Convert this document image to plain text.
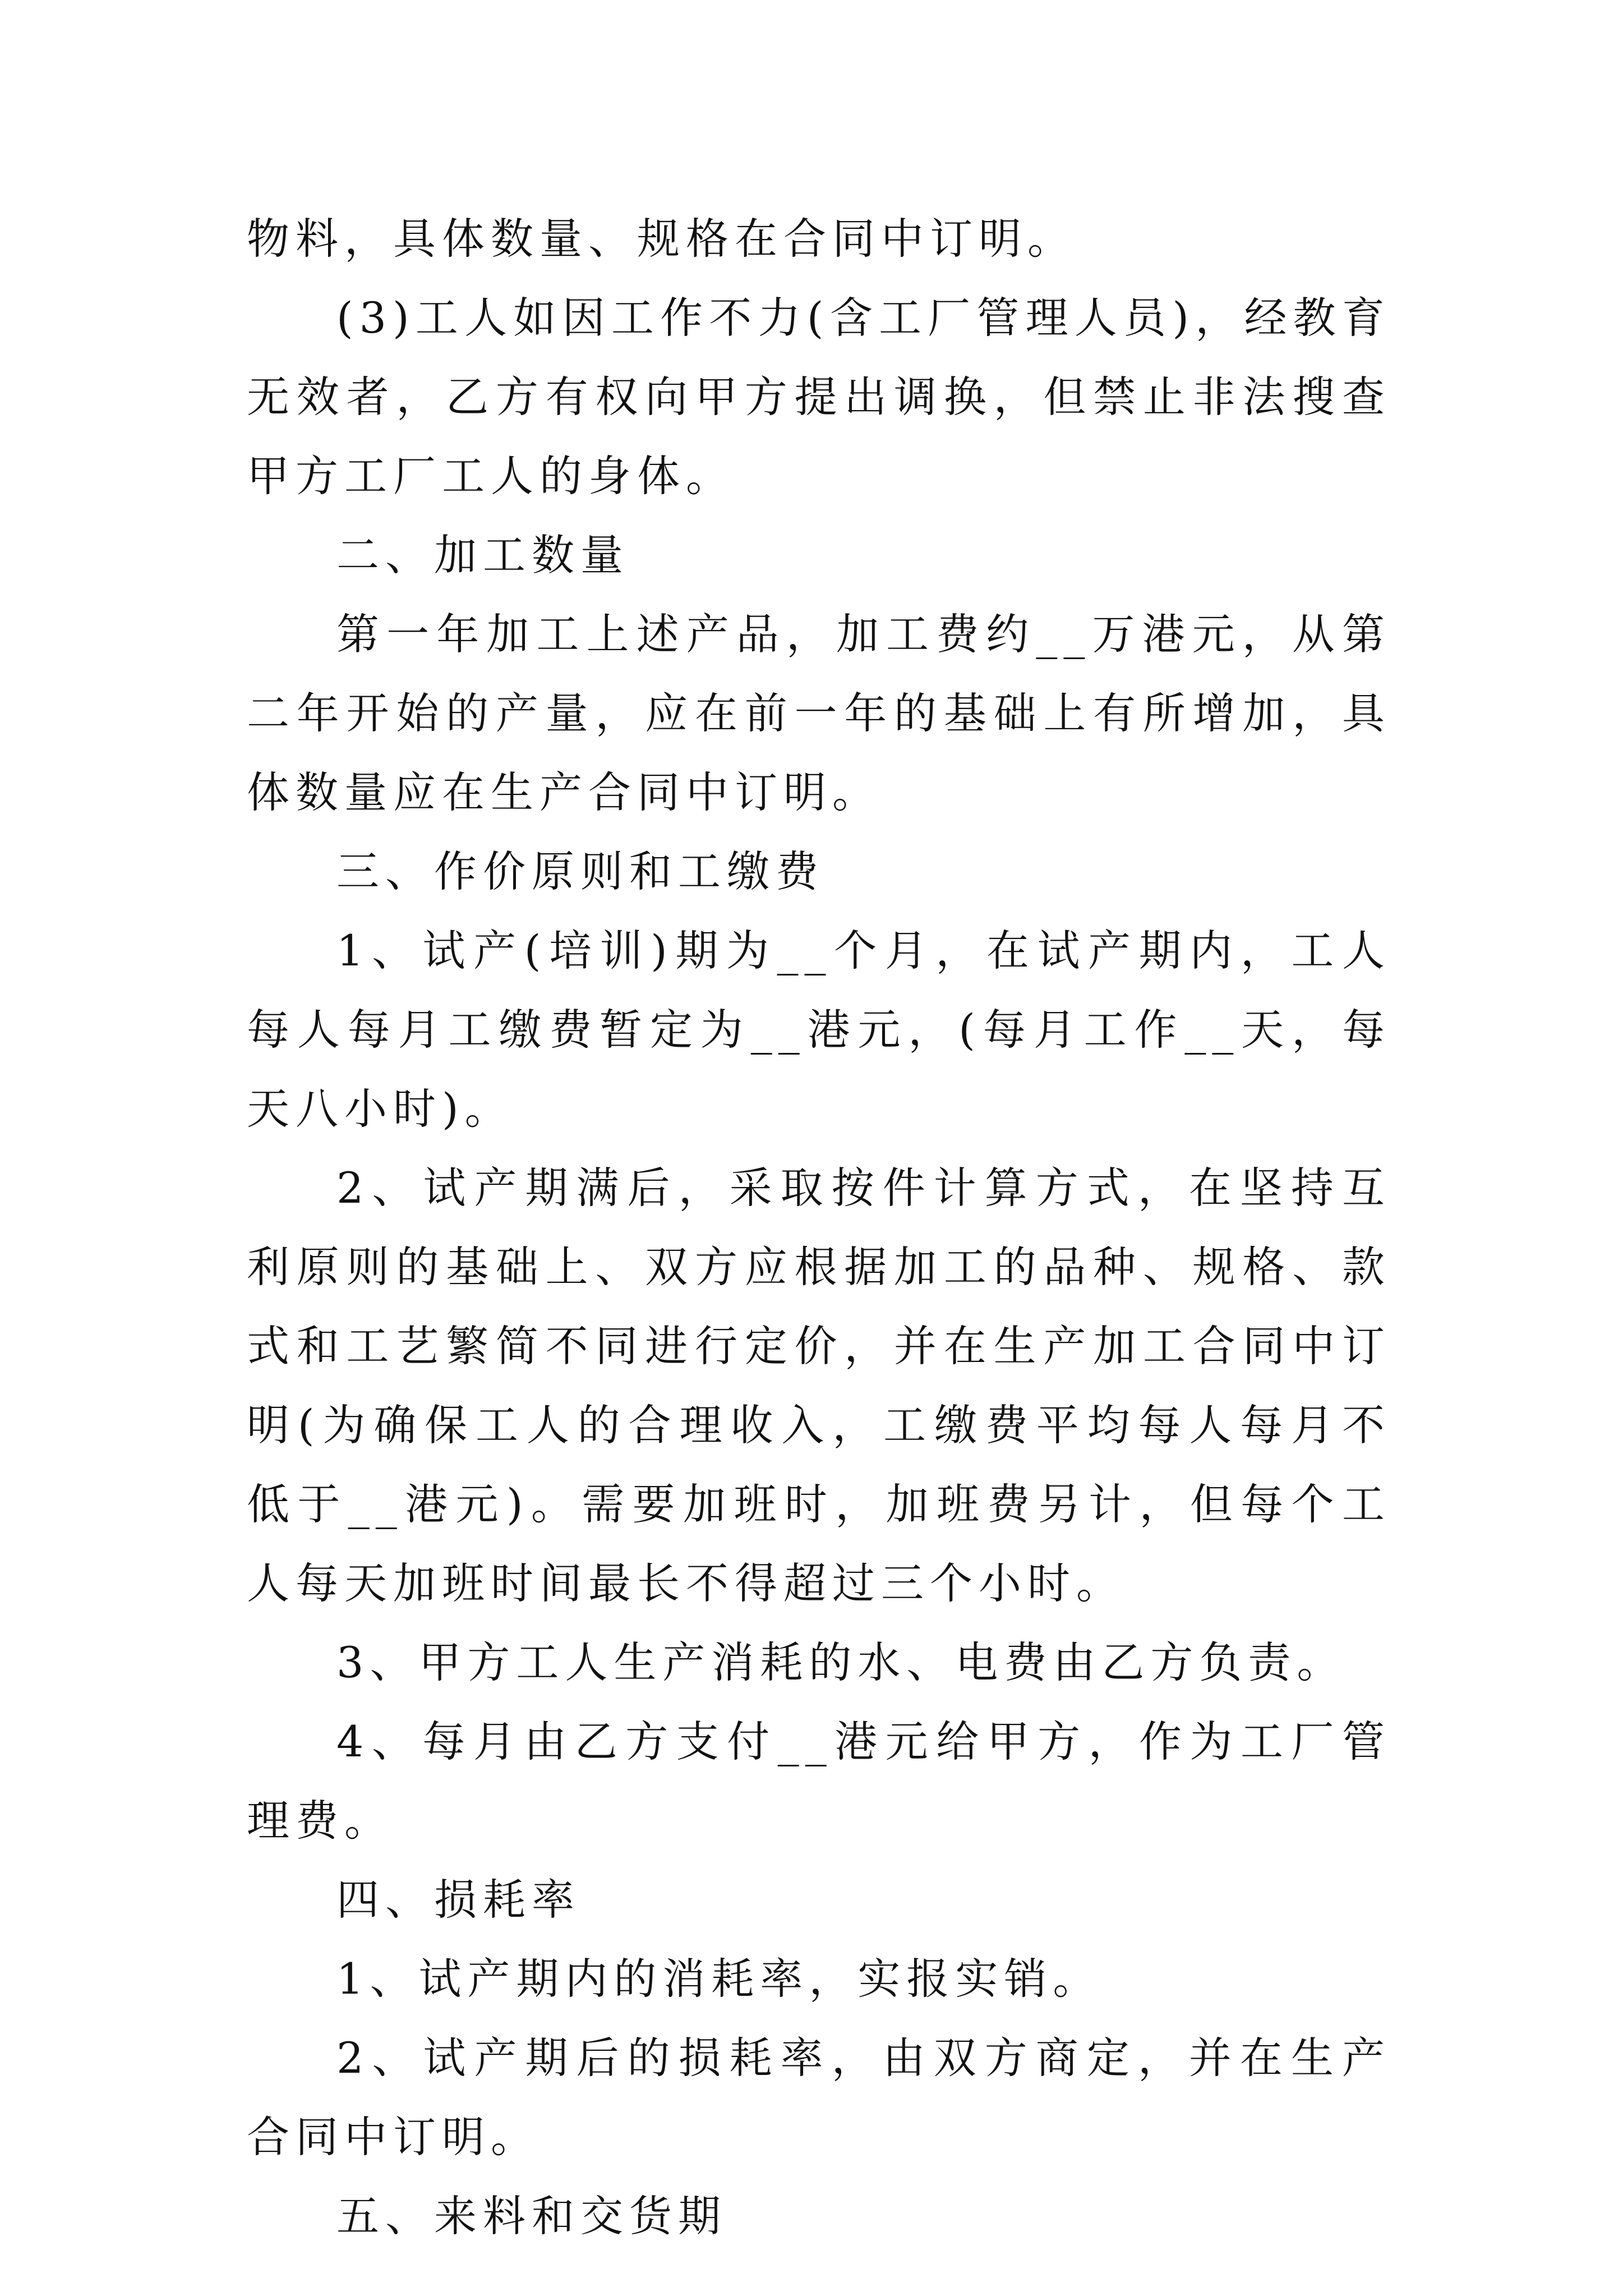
物料，具体数量、规格在合同中订明。

(3)工人如因工作不力(含工厂管理人员)，经教育无效者，乙方有权向甲方提出调换，但禁止非法搜查甲方工厂工人的身体。

二、加工数量

第一年加工上述产品，加工费约__万港元，从第二年开始的产量，应在前一年的基础上有所增加，具体数量应在生产合同中订明。

三、作价原则和工缴费

1、试产(培训)期为__个月，在试产期内，工人每人每月工缴费暂定为__港元，(每月工作__天，每天八小时)。

2、试产期满后，采取按件计算方式，在坚持互利原则的基础上、双方应根据加工的品种、规格、款式和工艺繁简不同进行定价，并在生产加工合同中订明(为确保工人的合理收入，工缴费平均每人每月不低于__港元)。需要加班时，加班费另计，但每个工人每天加班时间最长不得超过三个小时。

3、甲方工人生产消耗的水、电费由乙方负责。

4、每月由乙方支付__港元给甲方，作为工厂管理费。

四、损耗率

1、试产期内的消耗率，实报实销。

2、试产期后的损耗率，由双方商定，并在生产合同中订明。

五、来料和交货期
